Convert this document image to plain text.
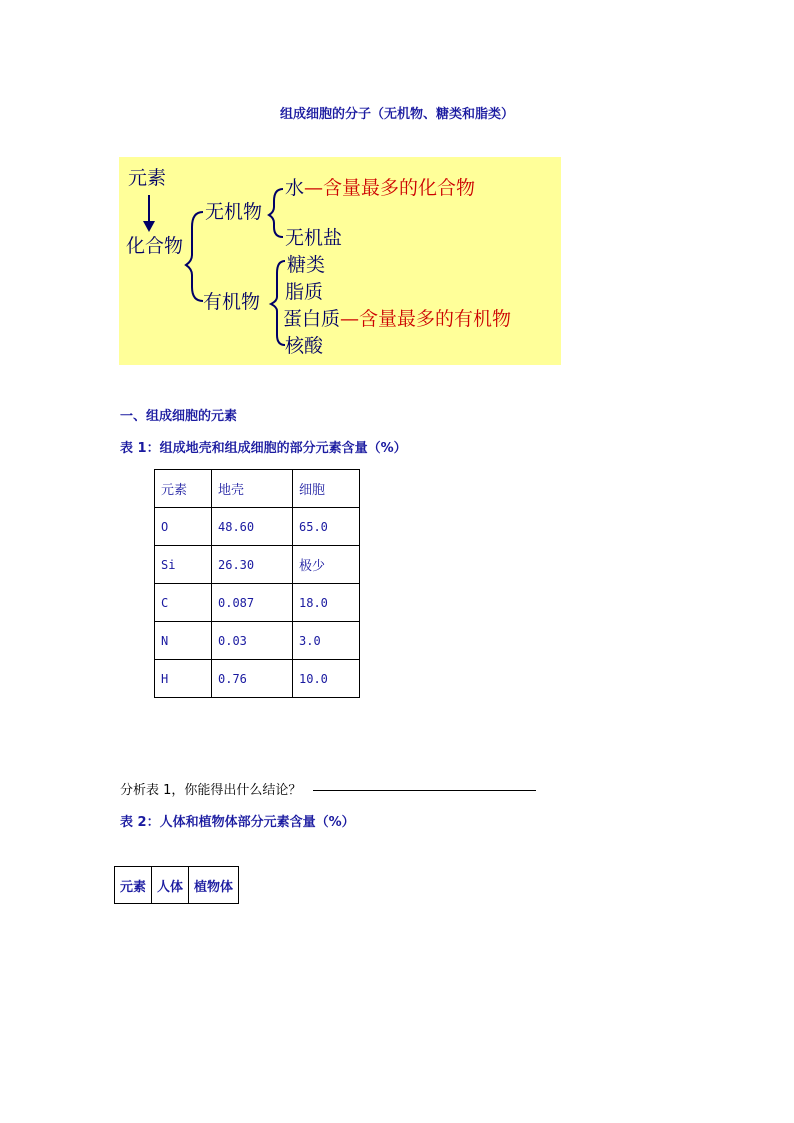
组成细胞的分子（无机物、糖类和脂类）
元素
化合物
无机物
有机物
水—含量最多的化合物
无机盐
糖类
脂质
蛋白质—含量最多的有机物
核酸
一、组成细胞的元素
表 1：组成地壳和组成细胞的部分元素含量（%）
元素	地壳	细胞
O	48.60	65.0
Si	26.30	极少
C	0.087	18.0
N	0.03	3.0
H	0.76	10.0
分析表 1，你能得出什么结论？
表 2：人体和植物体部分元素含量（%）
元素	人体	植物体
